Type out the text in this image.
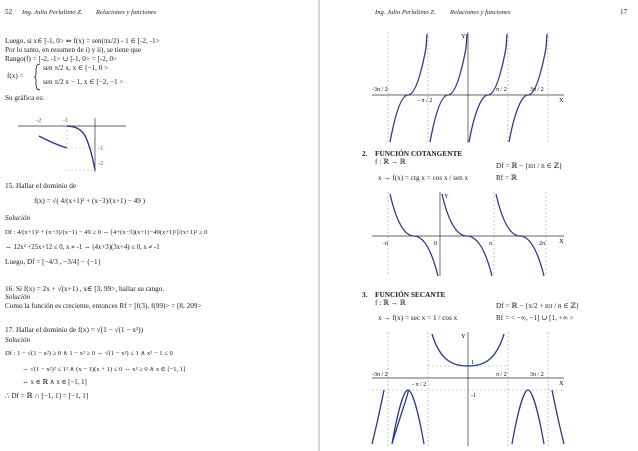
52 Ing. Julio Perlaltino Z. Relaciones y funciones
Luego, si x∈ [-1, 0> ⇒ f(x) = sen(πx/2) - 1 ∈ [-2, -1>
Por lo tanto, en resumen de i) y ii), se tiene que
Rango(f) = [-2, -1> ∪ [-1, 0> = [-2, 0>
f(x) =
sen π/2 x, x ∈ [−1, 0 >
sen π/2 x − 1, x ∈ [−2, −1 >
Su gráfica es:
-2	-1
-1
-2
15. Hallar el dominio de
f(x) = √( 4/(x+1)² + (x−3)/(x+1) − 49 )
Solución
Df : 4/(x+1)² + (x−3)/(x−1) − 49 ≥ 0 ⇔ [4+(x−3)(x+1)−49(x+1)²]/(x+1)² ≥ 0
⇔ 12x² +25x+12 ≤ 0, x ≠ -1 ⇔ (4x+3)(3x+4) ≤ 0, x ≠ -1
Luego, Df = [−4/3 , −3/4] − {−1}
16. Si f(x) = 2x + √(x+1) , x∈ [3, 99>, hallar su rango.
Solución
Como la función es creciente, entonces Rf = [f(3), f(99)> = [8, 209>
17. Hallar el dominio de f(x) = √(1 − √(1 − x²))
Solución
Df : 1 − √(1 − x²) ≥ 0 ∧ 1 − x² ≥ 0 ⇔ √(1 − x²) ≤ 1 ∧ x² − 1 ≤ 0
⇔ √(1 − x²)² ≤ 1² ∧ (x − 1)(x + 1) ≤ 0 ⇔ x² ≥ 0 ∧ x ∈ [−1, 1]
⇔ x ∈ ℝ ∧ x ∈ [−1, 1]
∴ Df = ℝ ∩ [−1, 1] = [−1, 1]
Ing. Julio Perlaltino Z. Relaciones y funciones	17
Y
X
-3π / 2
- π / 2
π / 2	3π / 2
2. FUNCIÓN COTANGENTE
f : ℝ → ℝ
x → f(x) = ctg x = cos x / sen x
Df = ℝ − {nπ / n ∈ ℤ}
Rf = ℝ
Y
X
-π	0	π	2π
3. FUNCIÓN SECANTE
f : ℝ → ℝ
x → f(x) = sec x = 1 / cos x
Df = ℝ − {π/2 + nπ / n ∈ ℤ}
Rf = < −∞, −1] ∪ [1, +∞ >
Y
X
-3π / 2
- π / 2
π / 2	3π / 2
1
-1
